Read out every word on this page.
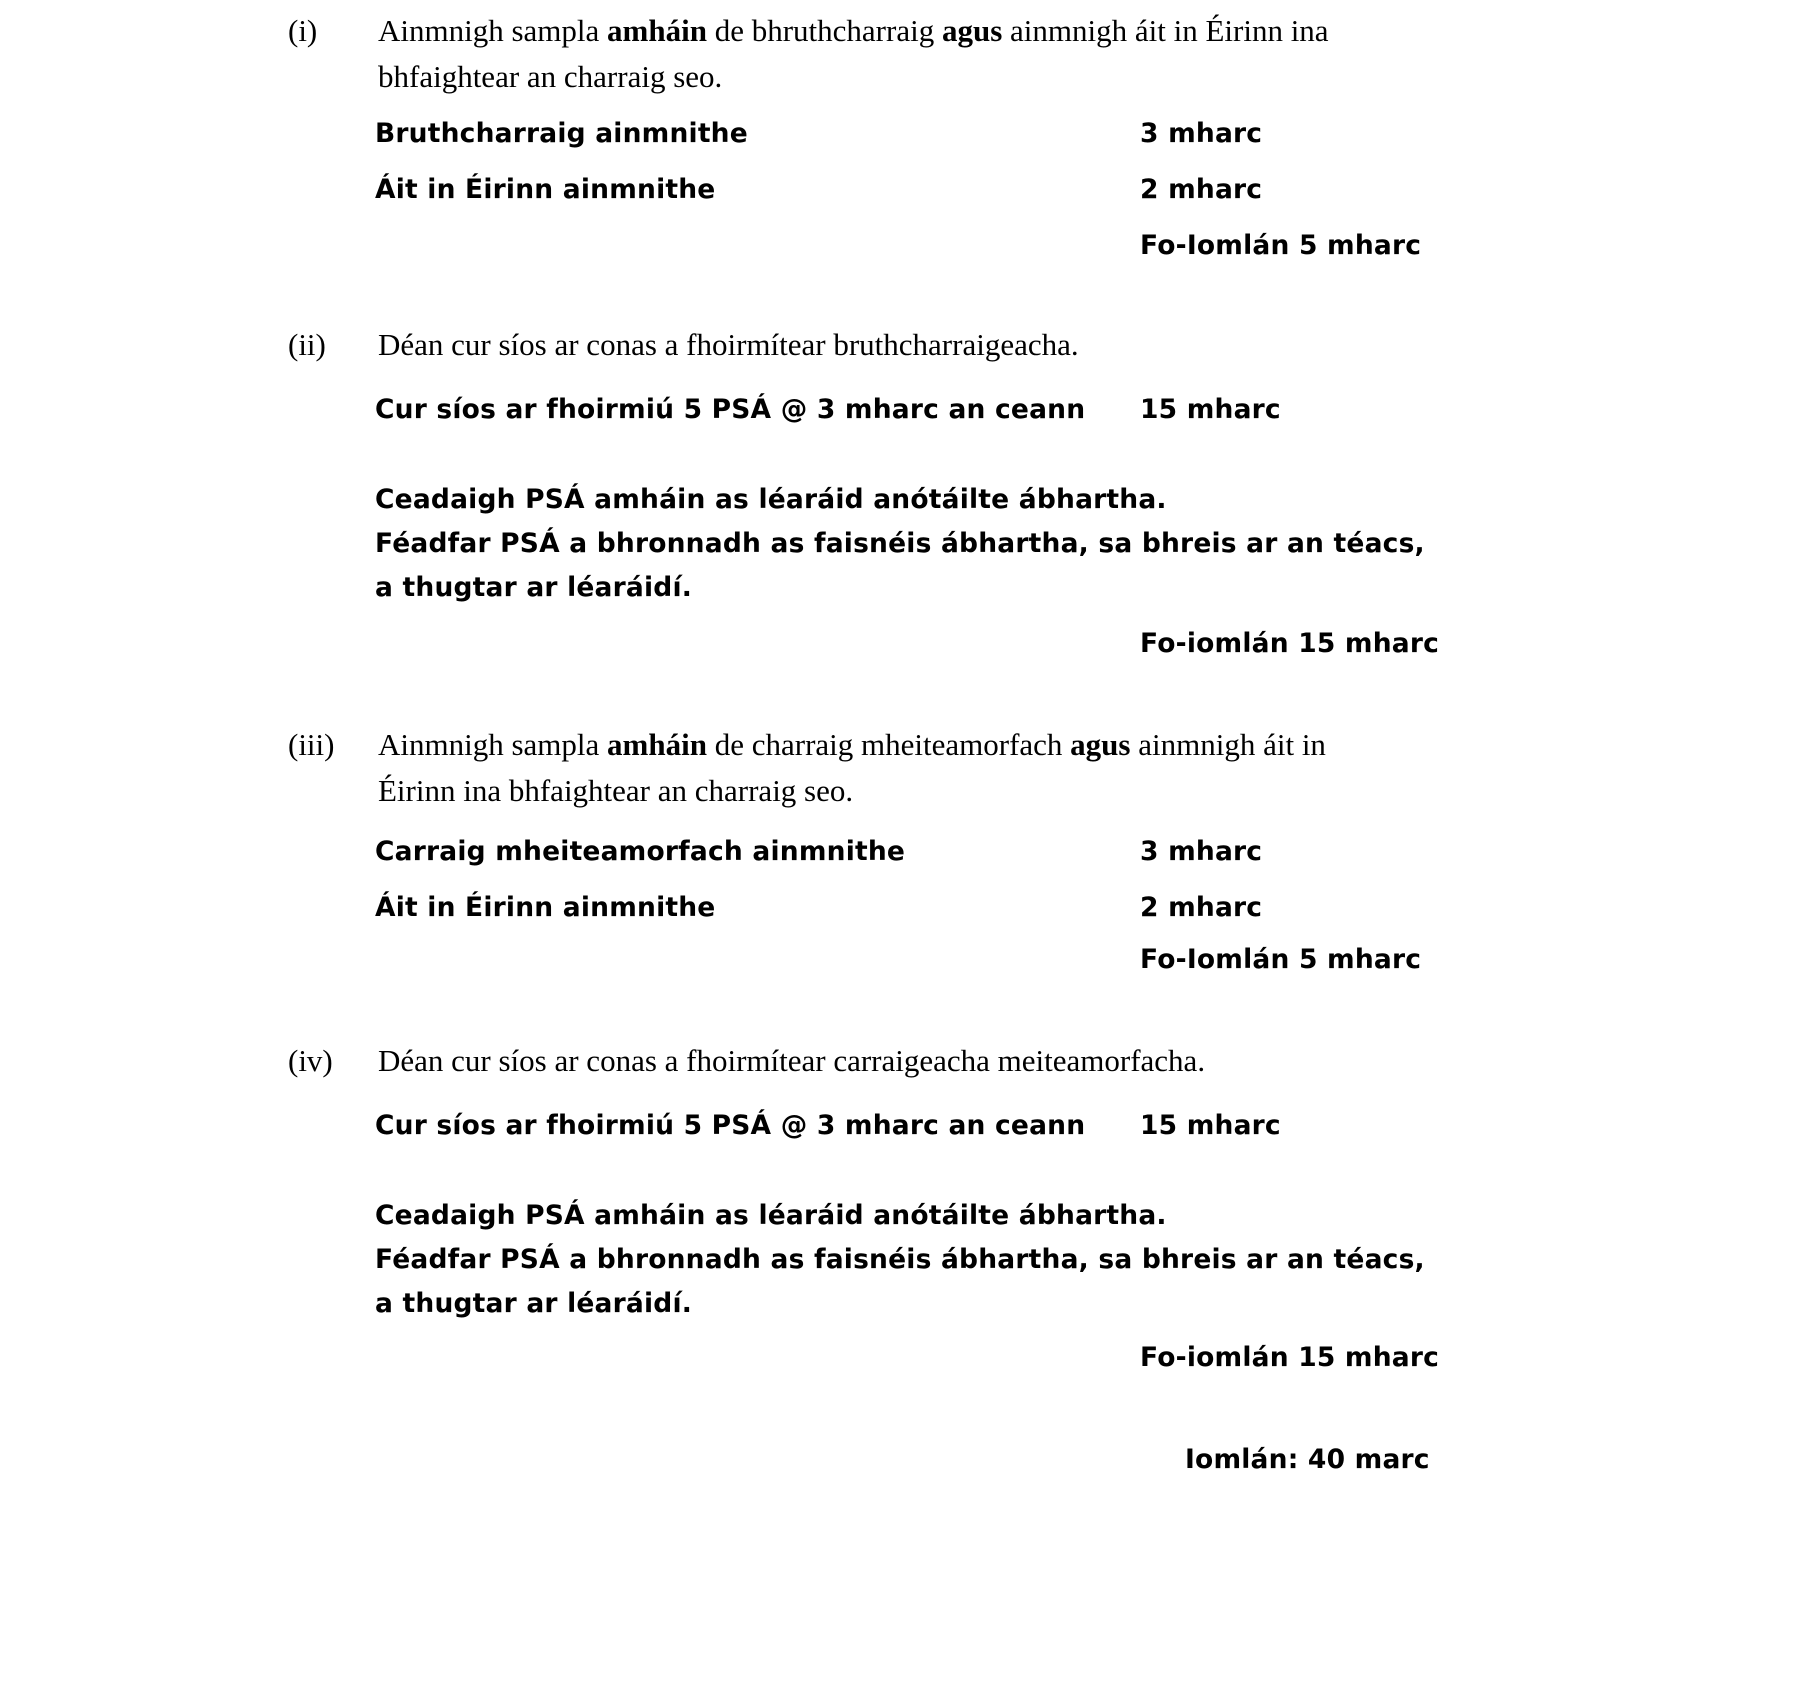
(i)	Ainmnigh sampla amháin de bhruthcharraig agus ainmnigh áit in Éirinn ina bhfaightear an charraig seo.
Bruthcharraig ainmnithe	3 mharc
Áit in Éirinn ainmnithe	2 mharc
Fo-Iomlán 5 mharc
(ii)	Déan cur síos ar conas a fhoirmítear bruthcharraigeacha.
Cur síos ar fhoirmiú 5 PSÁ @ 3 mharc an ceann 15 mharc
Ceadaigh PSÁ amháin as léaráid anótáilte ábhartha.
Féadfar PSÁ a bhronnadh as faisnéis ábhartha, sa bhreis ar an téacs,
a thugtar ar léaráidí.
Fo-iomlán 15 mharc
(iii)	Ainmnigh sampla amháin de charraig mheiteamorfach agus ainmnigh áit in Éirinn ina bhfaightear an charraig seo.
Carraig mheiteamorfach ainmnithe	3 mharc
Áit in Éirinn ainmnithe	2 mharc
Fo-Iomlán 5 mharc
(iv)	Déan cur síos ar conas a fhoirmítear carraigeacha meiteamorfacha.
Cur síos ar fhoirmiú 5 PSÁ @ 3 mharc an ceann 15 mharc
Ceadaigh PSÁ amháin as léaráid anótáilte ábhartha.
Féadfar PSÁ a bhronnadh as faisnéis ábhartha, sa bhreis ar an téacs,
a thugtar ar léaráidí.
Fo-iomlán 15 mharc
Iomlán: 40 marc
